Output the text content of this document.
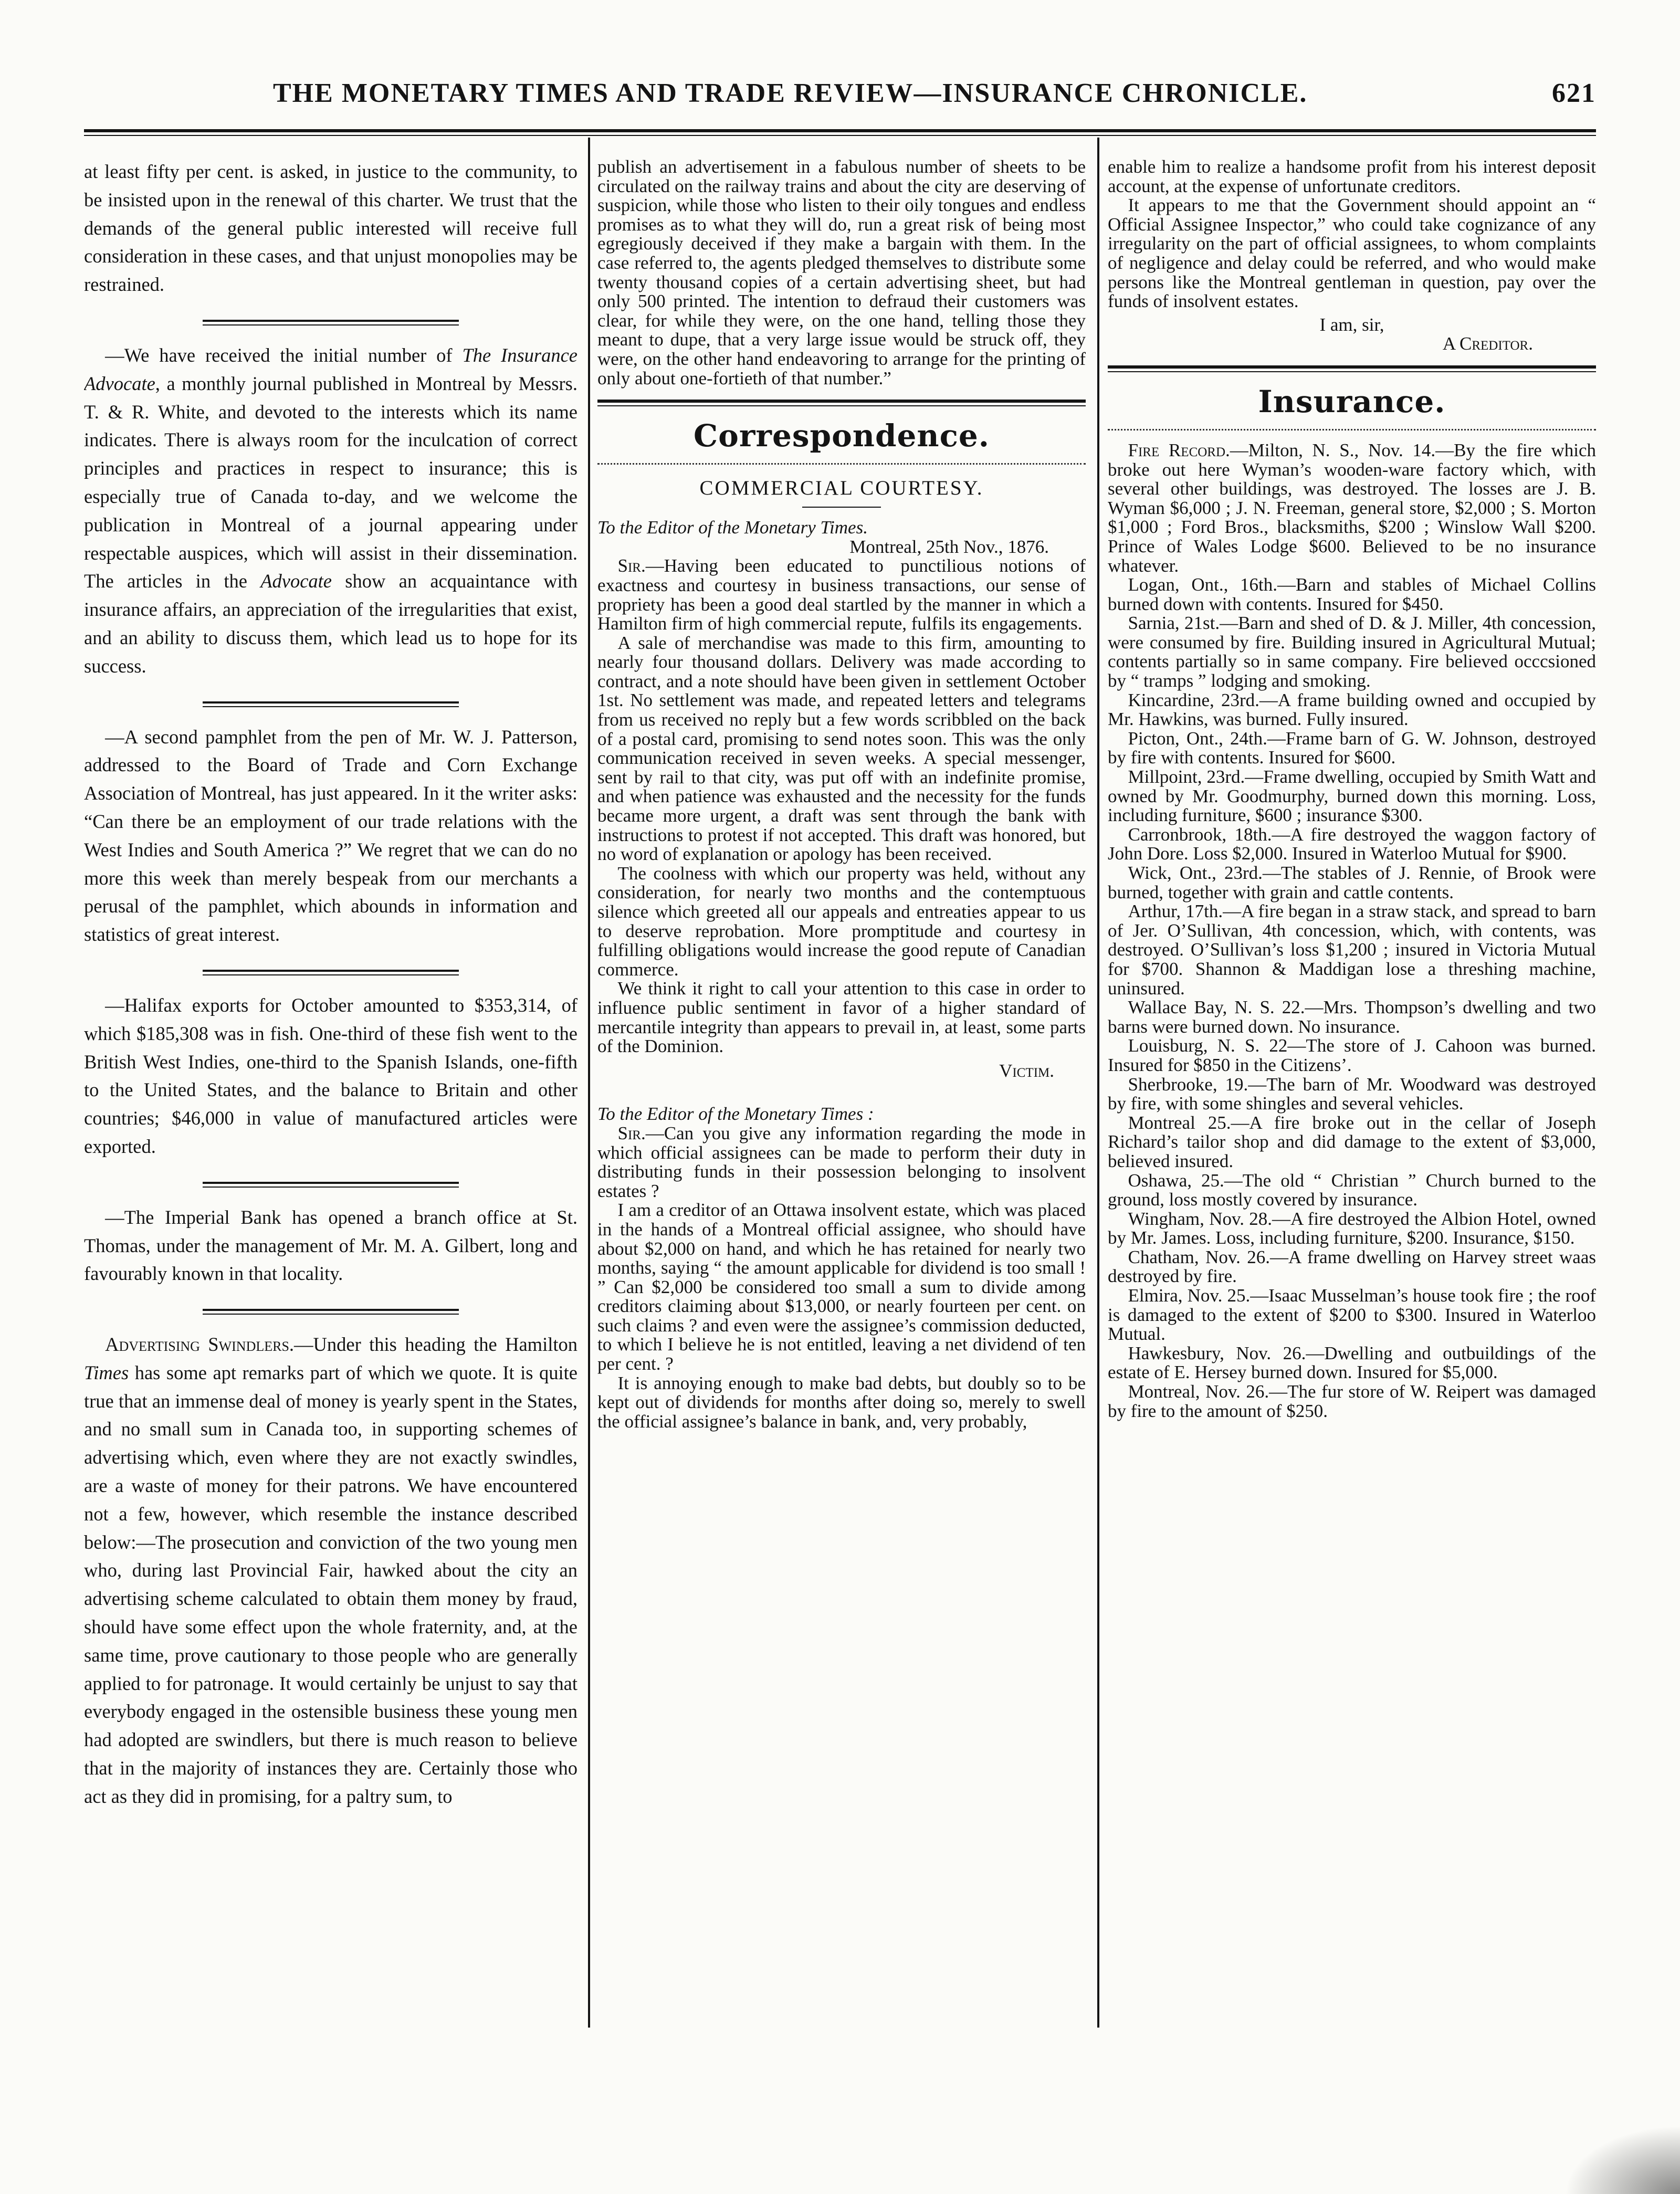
THE MONETARY TIMES AND TRADE REVIEW—INSURANCE CHRONICLE.	621

at least fifty per cent. is asked, in justice to the community, to be insisted upon in the renewal of this charter. We trust that the demands of the general public interested will receive full consideration in these cases, and that unjust monopolies may be restrained.

—We have received the initial number of The Insurance Advocate, a monthly journal published in Montreal by Messrs. T. & R. White, and devoted to the interests which its name indicates. There is always room for the inculcation of correct principles and practices in respect to insurance; this is especially true of Canada to-day, and we welcome the publication in Montreal of a journal appearing under respectable auspices, which will assist in their dissemination. The articles in the Advocate show an acquaintance with insurance affairs, an appreciation of the irregularities that exist, and an ability to discuss them, which lead us to hope for its success.

—A second pamphlet from the pen of Mr. W. J. Patterson, addressed to the Board of Trade and Corn Exchange Association of Montreal, has just appeared. In it the writer asks: “Can there be an employment of our trade relations with the West Indies and South America ?” We regret that we can do no more this week than merely bespeak from our merchants a perusal of the pamphlet, which abounds in information and statistics of great interest.

—Halifax exports for October amounted to $353,314, of which $185,308 was in fish. One-third of these fish went to the British West Indies, one-third to the Spanish Islands, one-fifth to the United States, and the balance to Britain and other countries; $46,000 in value of manufactured articles were exported.

—The Imperial Bank has opened a branch office at St. Thomas, under the management of Mr. M. A. Gilbert, long and favourably known in that locality.

Advertising Swindlers.—Under this heading the Hamilton Times has some apt remarks part of which we quote. It is quite true that an immense deal of money is yearly spent in the States, and no small sum in Canada too, in supporting schemes of advertising which, even where they are not exactly swindles, are a waste of money for their patrons. We have encountered not a few, however, which resemble the instance described below:—The prosecution and conviction of the two young men who, during last Provincial Fair, hawked about the city an advertising scheme calculated to obtain them money by fraud, should have some effect upon the whole fraternity, and, at the same time, prove cautionary to those people who are generally applied to for patronage. It would certainly be unjust to say that everybody engaged in the ostensible business these young men had adopted are swindlers, but there is much reason to believe that in the majority of instances they are. Certainly those who act as they did in promising, for a paltry sum, to

publish an advertisement in a fabulous number of sheets to be circulated on the railway trains and about the city are deserving of suspicion, while those who listen to their oily tongues and endless promises as to what they will do, run a great risk of being most egregiously deceived if they make a bargain with them. In the case referred to, the agents pledged themselves to distribute some twenty thousand copies of a certain advertising sheet, but had only 500 printed. The intention to defraud their customers was clear, for while they were, on the one hand, telling those they meant to dupe, that a very large issue would be struck off, they were, on the other hand endeavoring to arrange for the printing of only about one-fortieth of that number.”

Correspondence.
COMMERCIAL COURTESY.

To the Editor of the Monetary Times.

Montreal, 25th Nov., 1876.

Sir.—Having been educated to punctilious notions of exactness and courtesy in business transactions, our sense of propriety has been a good deal startled by the manner in which a Hamilton firm of high commercial repute, fulfils its engagements.

A sale of merchandise was made to this firm, amounting to nearly four thousand dollars. Delivery was made according to contract, and a note should have been given in settlement October 1st. No settlement was made, and repeated letters and telegrams from us received no reply but a few words scribbled on the back of a postal card, promising to send notes soon. This was the only communication received in seven weeks. A special messenger, sent by rail to that city, was put off with an indefinite promise, and when patience was exhausted and the necessity for the funds became more urgent, a draft was sent through the bank with instructions to protest if not accepted. This draft was honored, but no word of explanation or apology has been received.

The coolness with which our property was held, without any consideration, for nearly two months and the contemptuous silence which greeted all our appeals and entreaties appear to us to deserve reprobation. More promptitude and courtesy in fulfilling obligations would increase the good repute of Canadian commerce.

We think it right to call your attention to this case in order to influence public sentiment in favor of a higher standard of mercantile integrity than appears to prevail in, at least, some parts of the Dominion.

Victim.

To the Editor of the Monetary Times :

Sir.—Can you give any information regarding the mode in which official assignees can be made to perform their duty in distributing funds in their possession belonging to insolvent estates ?

I am a creditor of an Ottawa insolvent estate, which was placed in the hands of a Montreal official assignee, who should have about $2,000 on hand, and which he has retained for nearly two months, saying “ the amount applicable for dividend is too small ! ” Can $2,000 be considered too small a sum to divide among creditors claiming about $13,000, or nearly fourteen per cent. on such claims ? and even were the assignee’s commission deducted, to which I believe he is not entitled, leaving a net dividend of ten per cent. ?

It is annoying enough to make bad debts, but doubly so to be kept out of dividends for months after doing so, merely to swell the official assignee’s balance in bank, and, very probably,

enable him to realize a handsome profit from his interest deposit account, at the expense of unfortunate creditors.

It appears to me that the Government should appoint an “ Official Assignee Inspector,” who could take cognizance of any irregularity on the part of official assignees, to whom complaints of negligence and delay could be referred, and who would make persons like the Montreal gentleman in question, pay over the funds of insolvent estates.

I am, sir,

A Creditor.

Insurance.

Fire Record.—Milton, N. S., Nov. 14.—By the fire which broke out here Wyman’s wooden-ware factory which, with several other buildings, was destroyed. The losses are J. B. Wyman $6,000 ; J. N. Freeman, general store, $2,000 ; S. Morton $1,000 ; Ford Bros., blacksmiths, $200 ; Winslow Wall $200. Prince of Wales Lodge $600. Believed to be no insurance whatever.

Logan, Ont., 16th.—Barn and stables of Michael Collins burned down with contents. Insured for $450.

Sarnia, 21st.—Barn and shed of D. & J. Miller, 4th concession, were consumed by fire. Building insured in Agricultural Mutual; contents partially so in same company. Fire believed occcsioned by “ tramps ” lodging and smoking.

Kincardine, 23rd.—A frame building owned and occupied by Mr. Hawkins, was burned. Fully insured.

Picton, Ont., 24th.—Frame barn of G. W. Johnson, destroyed by fire with contents. Insured for $600.

Millpoint, 23rd.—Frame dwelling, occupied by Smith Watt and owned by Mr. Goodmurphy, burned down this morning. Loss, including furniture, $600 ; insurance $300.

Carronbrook, 18th.—A fire destroyed the waggon factory of John Dore. Loss $2,000. Insured in Waterloo Mutual for $900.

Wick, Ont., 23rd.—The stables of J. Rennie, of Brook were burned, together with grain and cattle contents.

Arthur, 17th.—A fire began in a straw stack, and spread to barn of Jer. O’Sullivan, 4th concession, which, with contents, was destroyed. O’Sullivan’s loss $1,200 ; insured in Victoria Mutual for $700. Shannon & Maddigan lose a threshing machine, uninsured.

Wallace Bay, N. S. 22.—Mrs. Thompson’s dwelling and two barns were burned down. No insurance.

Louisburg, N. S. 22—The store of J. Cahoon was burned. Insured for $850 in the Citizens’.

Sherbrooke, 19.—The barn of Mr. Woodward was destroyed by fire, with some shingles and several vehicles.

Montreal 25.—A fire broke out in the cellar of Joseph Richard’s tailor shop and did damage to the extent of $3,000, believed insured.

Oshawa, 25.—The old “ Christian ” Church burned to the ground, loss mostly covered by insurance.

Wingham, Nov. 28.—A fire destroyed the Albion Hotel, owned by Mr. James. Loss, including furniture, $200. Insurance, $150.

Chatham, Nov. 26.—A frame dwelling on Harvey street waas destroyed by fire.

Elmira, Nov. 25.—Isaac Musselman’s house took fire ; the roof is damaged to the extent of $200 to $300. Insured in Waterloo Mutual.

Hawkesbury, Nov. 26.—Dwelling and outbuildings of the estate of E. Hersey burned down. Insured for $5,000.

Montreal, Nov. 26.—The fur store of W. Reipert was damaged by fire to the amount of $250.
